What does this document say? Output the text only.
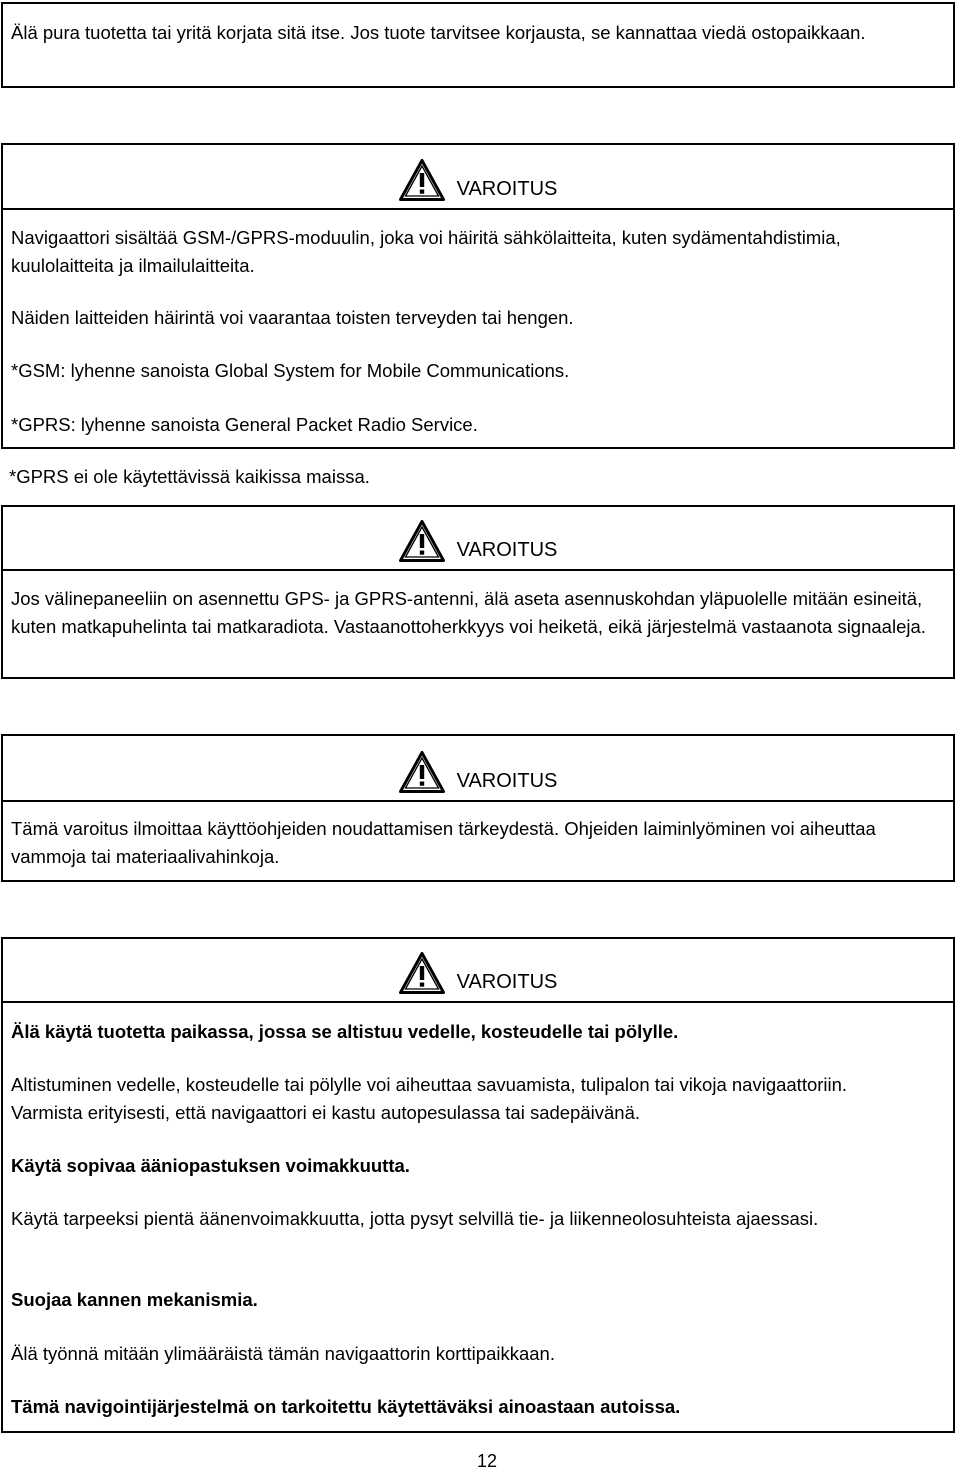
Älä pura tuotetta tai yritä korjata sitä itse. Jos tuote tarvitsee korjausta, se kannattaa viedä ostopaikkaan.

VAROITUS

Navigaattori sisältää GSM-/GPRS-moduulin, joka voi häiritä sähkölaitteita, kuten sydämentahdistimia, kuulolaitteita ja ilmailulaitteita.

Näiden laitteiden häirintä voi vaarantaa toisten terveyden tai hengen.

*GSM: lyhenne sanoista Global System for Mobile Communications.

*GPRS: lyhenne sanoista General Packet Radio Service.

*GPRS ei ole käytettävissä kaikissa maissa.

VAROITUS

Jos välinepaneeliin on asennettu GPS- ja GPRS-antenni, älä aseta asennuskohdan yläpuolelle mitään esineitä, kuten matkapuhelinta tai matkaradiota. Vastaanottoherkkyys voi heiketä, eikä järjestelmä vastaanota signaaleja.

VAROITUS

Tämä varoitus ilmoittaa käyttöohjeiden noudattamisen tärkeydestä. Ohjeiden laiminlyöminen voi aiheuttaa vammoja tai materiaalivahinkoja.

VAROITUS

Älä käytä tuotetta paikassa, jossa se altistuu vedelle, kosteudelle tai pölylle.

Altistuminen vedelle, kosteudelle tai pölylle voi aiheuttaa savuamista, tulipalon tai vikoja navigaattoriin. Varmista erityisesti, että navigaattori ei kastu autopesulassa tai sadepäivänä.

Käytä sopivaa ääniopastuksen voimakkuutta.

Käytä tarpeeksi pientä äänenvoimakkuutta, jotta pysyt selvillä tie- ja liikenneolosuhteista ajaessasi.

Suojaa kannen mekanismia.

Älä työnnä mitään ylimääräistä tämän navigaattorin korttipaikkaan.

Tämä navigointijärjestelmä on tarkoitettu käytettäväksi ainoastaan autoissa.

12
